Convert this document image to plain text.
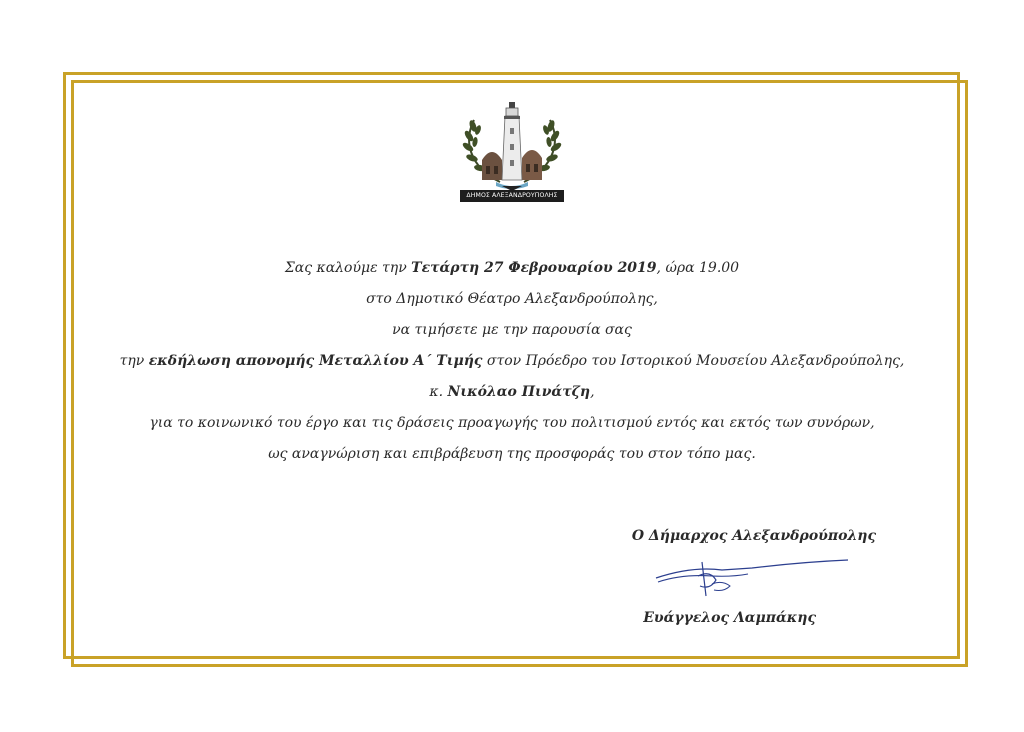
ΔΗΜΟΣ ΑΛΕΞΑΝΔΡΟΥΠΟΛΗΣ
Σας καλούμε την Τετάρτη 27 Φεβρουαρίου 2019, ώρα 19.00
στο Δημοτικό Θέατρο Αλεξανδρούπολης,
να τιμήσετε με την παρουσία σας
την εκδήλωση απονομής Μεταλλίου Α΄ Τιμής στον Πρόεδρο του Ιστορικού Μουσείου Αλεξανδρούπολης,
κ. Νικόλαο Πινάτζη,
για το κοινωνικό του έργο και τις δράσεις προαγωγής του πολιτισμού εντός και εκτός των συνόρων,
ως αναγνώριση και επιβράβευση της προσφοράς του στον τόπο μας.
Ο Δήμαρχος Αλεξανδρούπολης
Ευάγγελος Λαμπάκης
